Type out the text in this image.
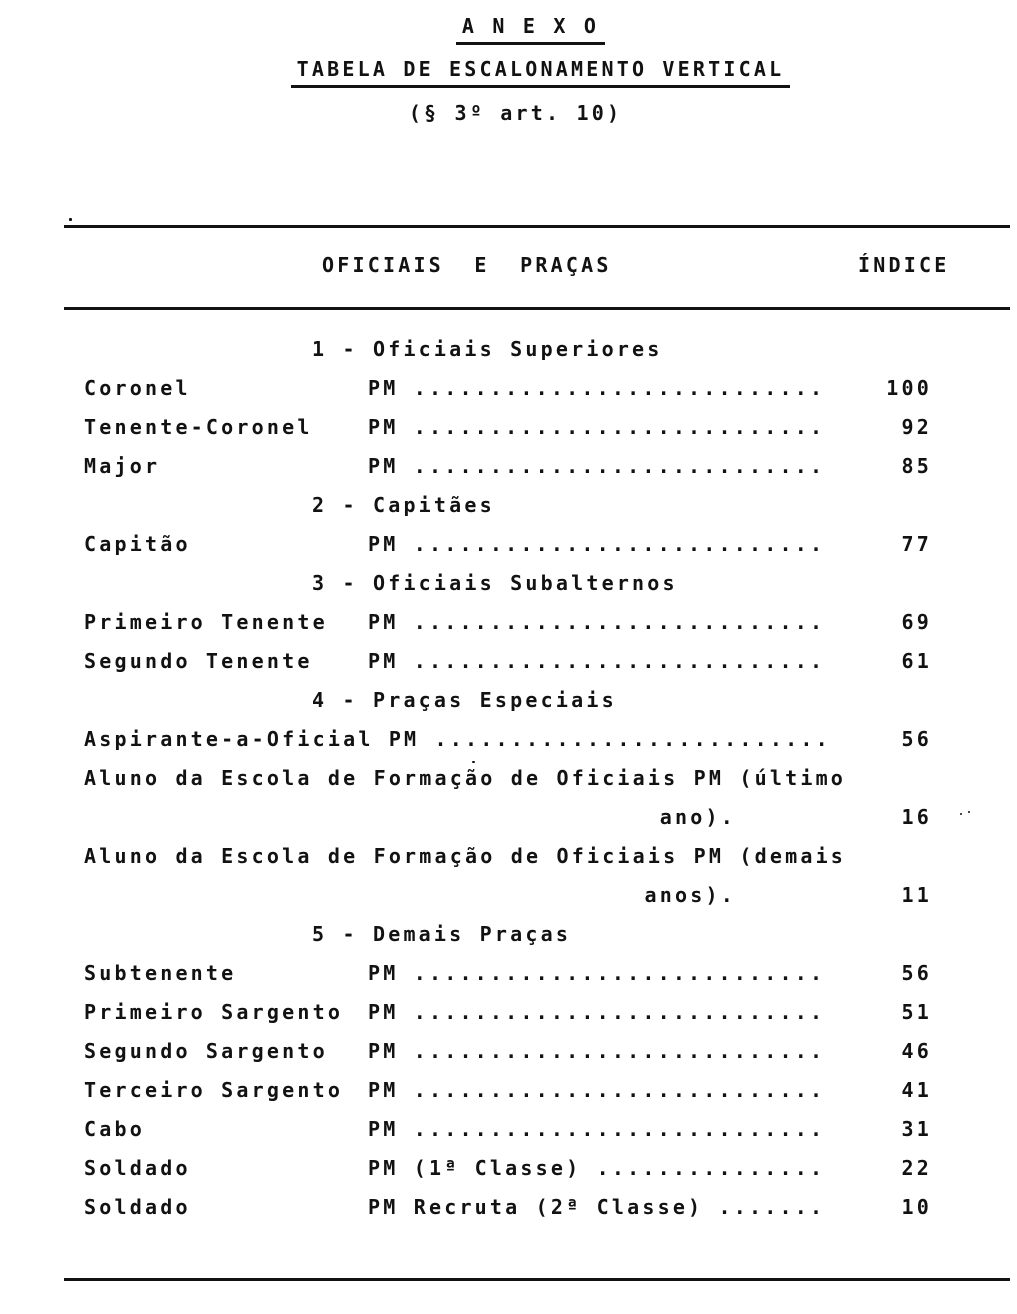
A N E X O
TABELA DE ESCALONAMENTO VERTICAL
(§ 3º art. 10)
OFICIAIS  E  PRAÇAS	ÍNDICE
1 - Oficiais Superiores
Coronel	PM ...........................	100
Tenente-Coronel	PM ...........................	92
Major	PM ...........................	85
2 - Capitães
Capitão	PM ...........................	77
3 - Oficiais Subalternos
Primeiro Tenente	PM ...........................	69
Segundo Tenente	PM ...........................	61
4 - Praças Especiais
Aspirante-a-Oficial PM ..........................	56
Aluno da Escola de Formação de Oficiais PM (último
ano).	16
Aluno da Escola de Formação de Oficiais PM (demais
anos).	11
5 - Demais Praças
Subtenente	PM ...........................	56
Primeiro Sargento	PM ...........................	51
Segundo Sargento	PM ...........................	46
Terceiro Sargento	PM ...........................	41
Cabo	PM ...........................	31
Soldado	PM (1ª Classe) ...............	22
Soldado	PM Recruta (2ª Classe) .......	10
